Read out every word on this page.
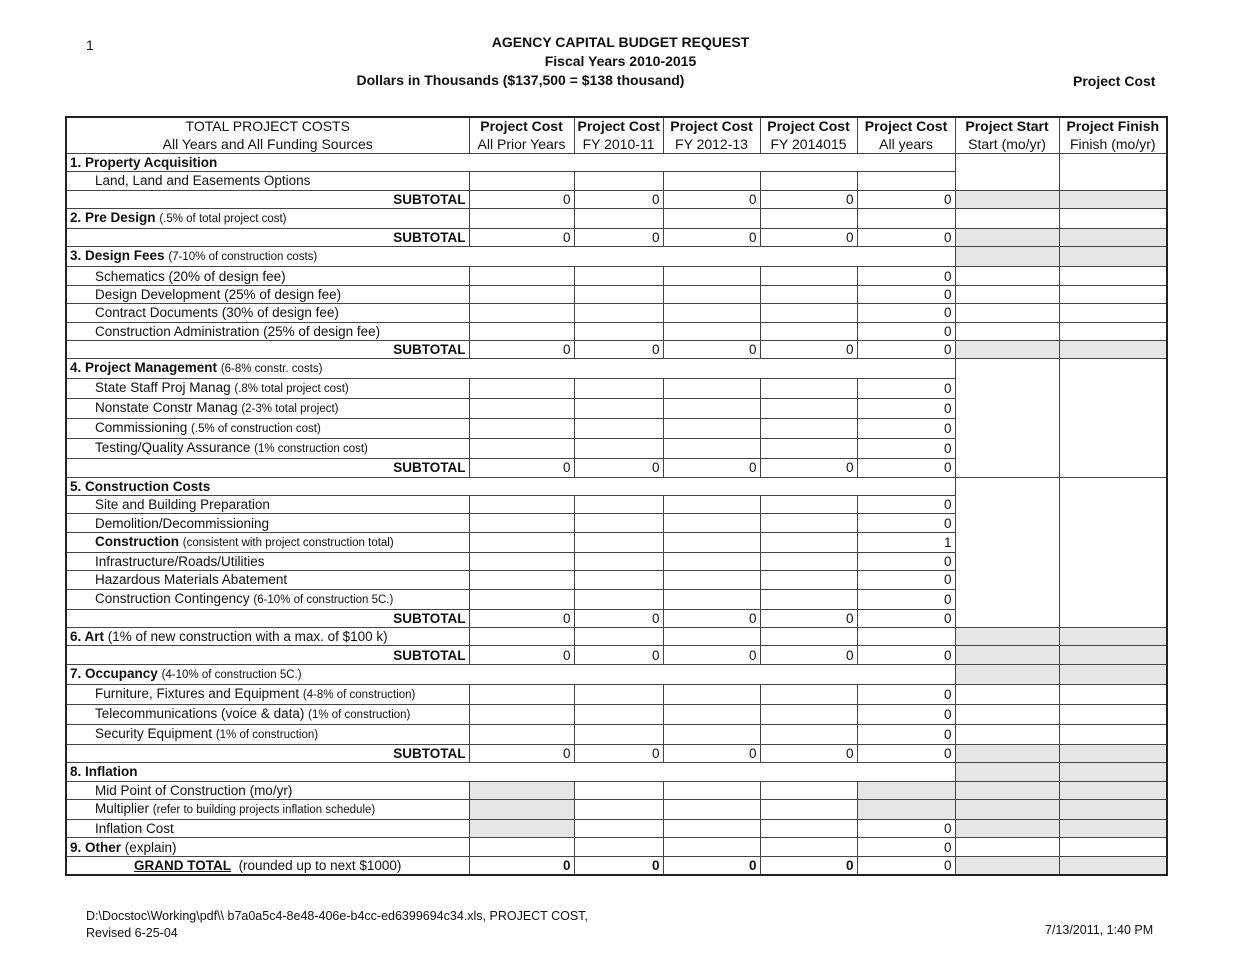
1	AGENCY CAPITAL BUDGET REQUEST
Fiscal Years 2010-2015
Dollars in Thousands ($137,500 = $138 thousand)	Project Cost
TOTAL PROJECT COSTS	Project Cost	Project Cost	Project Cost	Project Cost	Project Cost	Project Start	Project Finish
All Years and All Funding Sources	All Prior Years	FY 2010-11	FY 2012-13	FY 2014015	All years	Start (mo/yr)	Finish (mo/yr)
1. Property Acquisition							
Land, Land and Easements Options							
SUBTOTAL	0	0	0	0	0		
2. Pre Design (.5% of total project cost)							
SUBTOTAL	0	0	0	0	0		
3. Design Fees (7-10% of construction costs)							
Schematics (20% of design fee)					0		
Design Development (25% of design fee)					0		
Contract Documents (30% of design fee)					0		
Construction Administration (25% of design fee)					0		
SUBTOTAL	0	0	0	0	0		
4. Project Management (6-8% constr. costs)							
State Staff Proj Manag (.8% total project cost)					0		
Nonstate Constr Manag (2-3% total project)					0		
Commissioning (.5% of construction cost)					0		
Testing/Quality Assurance (1% construction cost)					0		
SUBTOTAL	0	0	0	0	0		
5. Construction Costs							
Site and Building Preparation					0		
Demolition/Decommissioning					0		
Construction (consistent with project construction total)					1		
Infrastructure/Roads/Utilities					0		
Hazardous Materials Abatement					0		
Construction Contingency (6-10% of construction 5C.)					0		
SUBTOTAL	0	0	0	0	0		
6. Art (1% of new construction with a max. of $100 k)							
SUBTOTAL	0	0	0	0	0		
7. Occupancy (4-10% of construction 5C.)							
Furniture, Fixtures and Equipment (4-8% of construction)					0		
Telecommunications (voice & data) (1% of construction)					0		
Security Equipment (1% of construction)					0		
SUBTOTAL	0	0	0	0	0		
8. Inflation							
Mid Point of Construction (mo/yr)							
Multiplier (refer to building projects inflation schedule)							
Inflation Cost					0		
9. Other (explain)					0		
GRAND TOTAL (rounded up to next $1000)	0	0	0	0	0		
D:\Docstoc\Working\pdf\\ b7a0a5c4-8e48-406e-b4cc-ed6399694c34.xls, PROJECT COST,
Revised 6-25-04	7/13/2011, 1:40 PM
